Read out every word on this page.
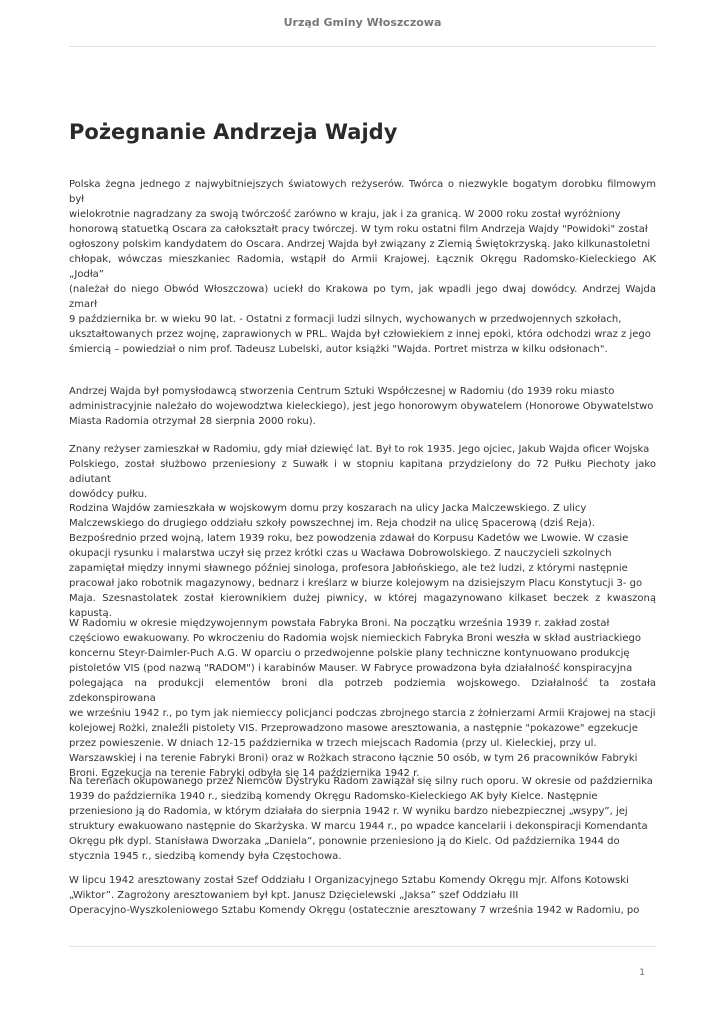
Urząd Gminy Włoszczowa
Pożegnanie Andrzeja Wajdy

Polska żegna jednego z najwybitniejszych światowych reżyserów. Twórca o niezwykle bogatym dorobku filmowym był
wielokrotnie nagradzany za swoją twórczość zarówno w kraju, jak i za granicą. W 2000 roku został wyróżniony
honorową statuetką Oscara za całokształt pracy twórczej. W tym roku ostatni film Andrzeja Wajdy "Powidoki" został
ogłoszony polskim kandydatem do Oscara. Andrzej Wajda był związany z Ziemią Świętokrzyską. Jako kilkunastoletni
chłopak, wówczas mieszkaniec Radomia, wstąpił do Armii Krajowej. Łącznik Okręgu Radomsko-Kieleckiego AK „Jodła”
(należał do niego Obwód Włoszczowa) uciekł do Krakowa po tym, jak wpadli jego dwaj dowódcy. Andrzej Wajda zmarł
9 października br. w wieku 90 lat. - Ostatni z formacji ludzi silnych, wychowanych w przedwojennych szkołach,
ukształtowanych przez wojnę, zaprawionych w PRL. Wajda był człowiekiem z innej epoki, która odchodzi wraz z jego
śmiercią – powiedział o nim prof. Tadeusz Lubelski, autor książki "Wajda. Portret mistrza w kilku odsłonach".

Andrzej Wajda był pomysłodawcą stworzenia Centrum Sztuki Współczesnej w Radomiu (do 1939 roku miasto
administracyjnie należało do wojewodztwa kieleckiego), jest jego honorowym obywatelem (Honorowe Obywatelstwo
Miasta Radomia otrzymał 28 sierpnia 2000 roku).

Znany reżyser zamieszkał w Radomiu, gdy miał dziewięć lat. Był to rok 1935. Jego ojciec, Jakub Wajda oficer Wojska
Polskiego, został służbowo przeniesiony z Suwałk i w stopniu kapitana przydzielony do 72 Pułku Piechoty jako adiutant
dowódcy pułku.

Rodzina Wajdów zamieszkała w wojskowym domu przy koszarach na ulicy Jacka Malczewskiego. Z ulicy
Malczewskiego do drugiego oddziału szkoły powszechnej im. Reja chodził na ulicę Spacerową (dziś Reja).
Bezpośrednio przed wojną, latem 1939 roku, bez powodzenia zdawał do Korpusu Kadetów we Lwowie. W czasie
okupacji rysunku i malarstwa uczył się przez krótki czas u Wacława Dobrowolskiego. Z nauczycieli szkolnych
zapamiętał między innymi sławnego później sinologa, profesora Jabłońskiego, ale też ludzi, z którymi następnie
pracował jako robotnik magazynowy, bednarz i kreślarz w biurze kolejowym na dzisiejszym Placu Konstytucji 3- go
Maja. Szesnastolatek został kierownikiem dużej piwnicy, w której magazynowano kilkaset beczek z kwaszoną kapustą.

W Radomiu w okresie międzywojennym powstała Fabryka Broni. Na początku września 1939 r. zakład został
częściowo ewakuowany. Po wkroczeniu do Radomia wojsk niemieckich Fabryka Broni weszła w skład austriackiego
koncernu Steyr-Daimler-Puch A.G. W oparciu o przedwojenne polskie plany techniczne kontynuowano produkcję
pistoletów VIS (pod nazwą "RADOM") i karabinów Mauser. W Fabryce prowadzona była działalność konspiracyjna
polegająca na produkcji elementów broni dla potrzeb podziemia wojskowego. Działalność ta została zdekonspirowana
we wrześniu 1942 r., po tym jak niemieccy policjanci podczas zbrojnego starcia z żołnierzami Armii Krajowej na stacji
kolejowej Rożki, znaleźli pistolety VIS. Przeprowadzono masowe aresztowania, a następnie "pokazowe" egzekucje
przez powieszenie. W dniach 12-15 października w trzech miejscach Radomia (przy ul. Kieleckiej, przy ul.
Warszawskiej i na terenie Fabryki Broni) oraz w Rożkach stracono łącznie 50 osób, w tym 26 pracowników Fabryki
Broni. Egzekucja na terenie Fabryki odbyła się 14 października 1942 r.

Na terenach okupowanego przez Niemców Dystryku Radom zawiązał się silny ruch oporu. W okresie od października
1939 do października 1940 r., siedzibą komendy Okręgu Radomsko-Kieleckiego AK były Kielce. Następnie
przeniesiono ją do Radomia, w którym działała do sierpnia 1942 r. W wyniku bardzo niebezpiecznej „wsypy”, jej
struktury ewakuowano następnie do Skarżyska. W marcu 1944 r., po wpadce kancelarii i dekonspiracji Komendanta
Okręgu płk dypl. Stanisława Dworzaka „Daniela”, ponownie przeniesiono ją do Kielc. Od października 1944 do
stycznia 1945 r., siedzibą komendy była Częstochowa.

W lipcu 1942 aresztowany został Szef Oddziału I Organizacyjnego Sztabu Komendy Okręgu mjr. Alfons Kotowski
„Wiktor”. Zagrożony aresztowaniem był kpt. Janusz Dzięcielewski „Jaksa” szef Oddziału III
Operacyjno-Wyszkoleniowego Sztabu Komendy Okręgu (ostatecznie aresztowany 7 września 1942 w Radomiu, po

1
